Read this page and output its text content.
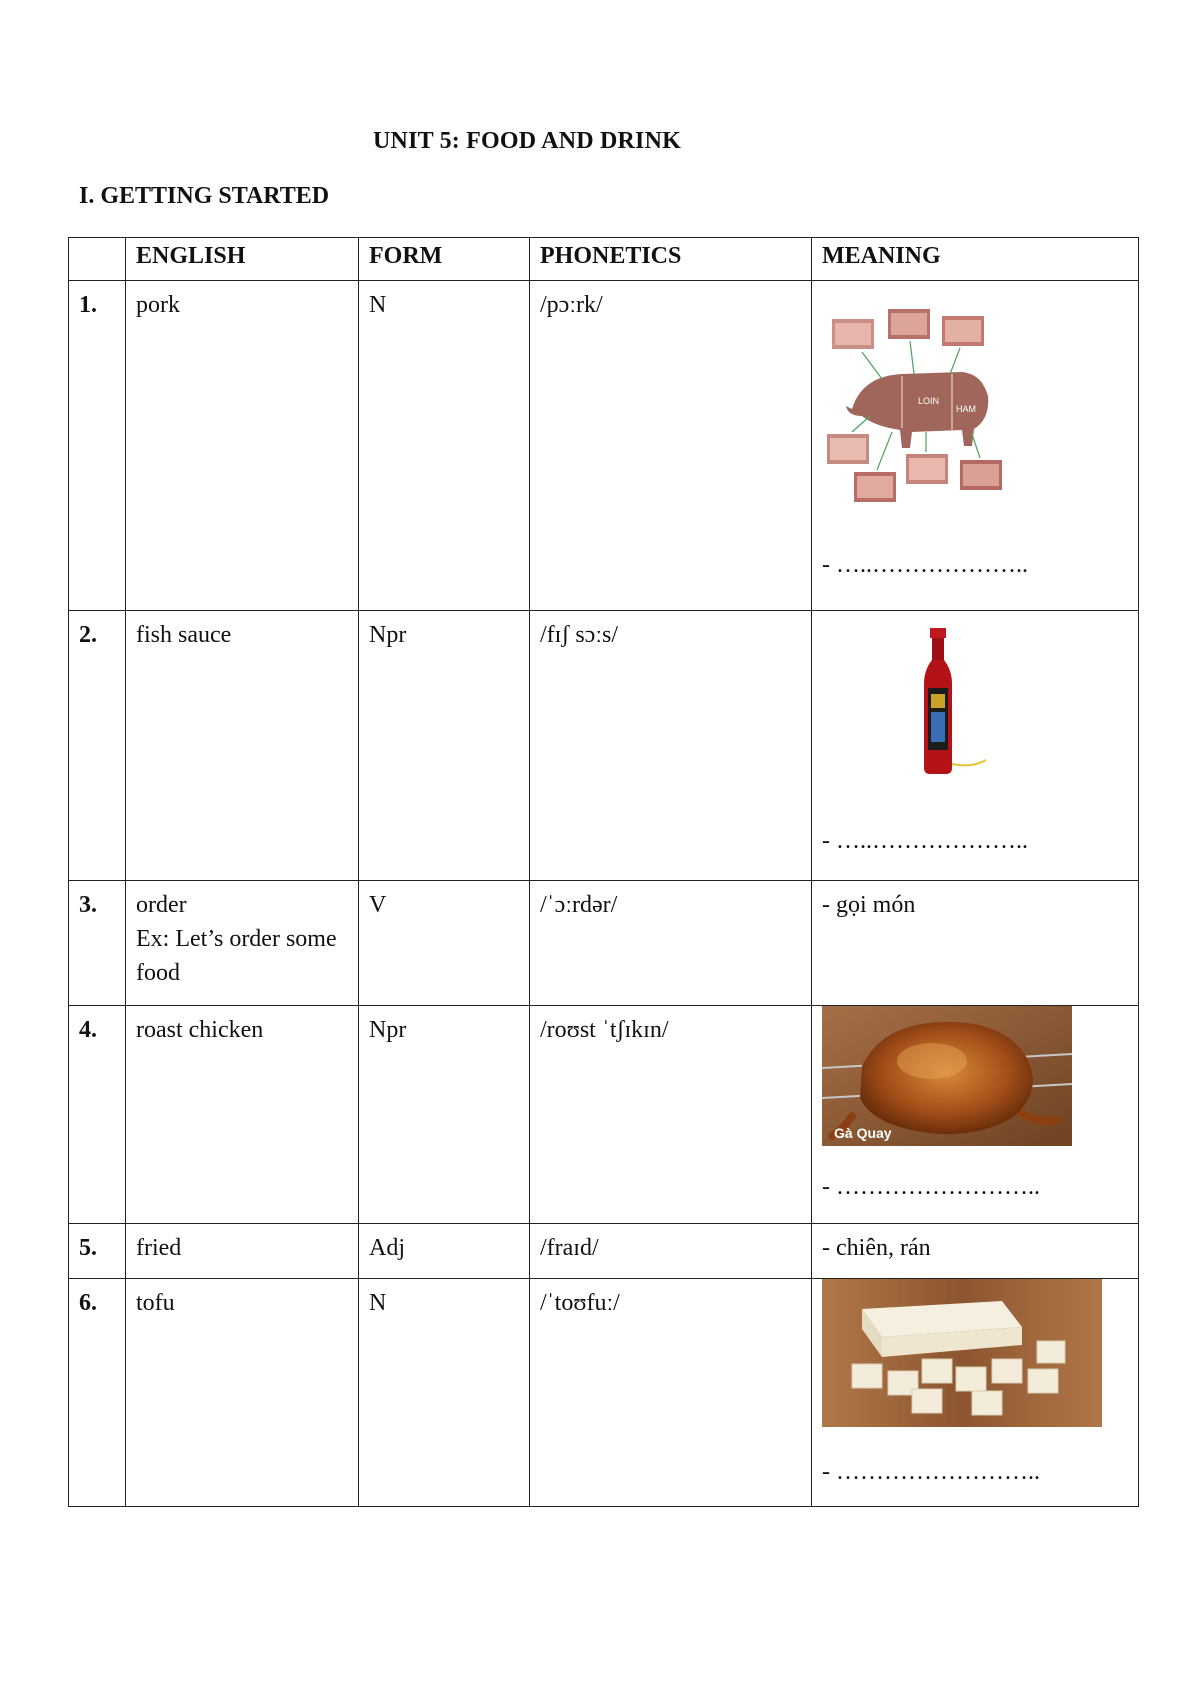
UNIT 5: FOOD AND DRINK
I. GETTING STARTED
	ENGLISH	FORM	PHONETICS	MEANING
1.	pork	N	/pɔːrk/	LOIN
HAM
- …..………………..

2.	fish sauce	Npr	/fɪʃ sɔːs/	- …..………………..

3.	order
Ex: Let’s order some food	V	/ˈɔːrdər/	- gọi món
4.	roast chicken	Npr	/roʊst ˈtʃɪkɪn/	Gà Quay
- ……………………..

5.	fried	Adj	/fraɪd/	- chiên, rán
6.	tofu	N	/ˈtoʊfuː/	- ……………………..
